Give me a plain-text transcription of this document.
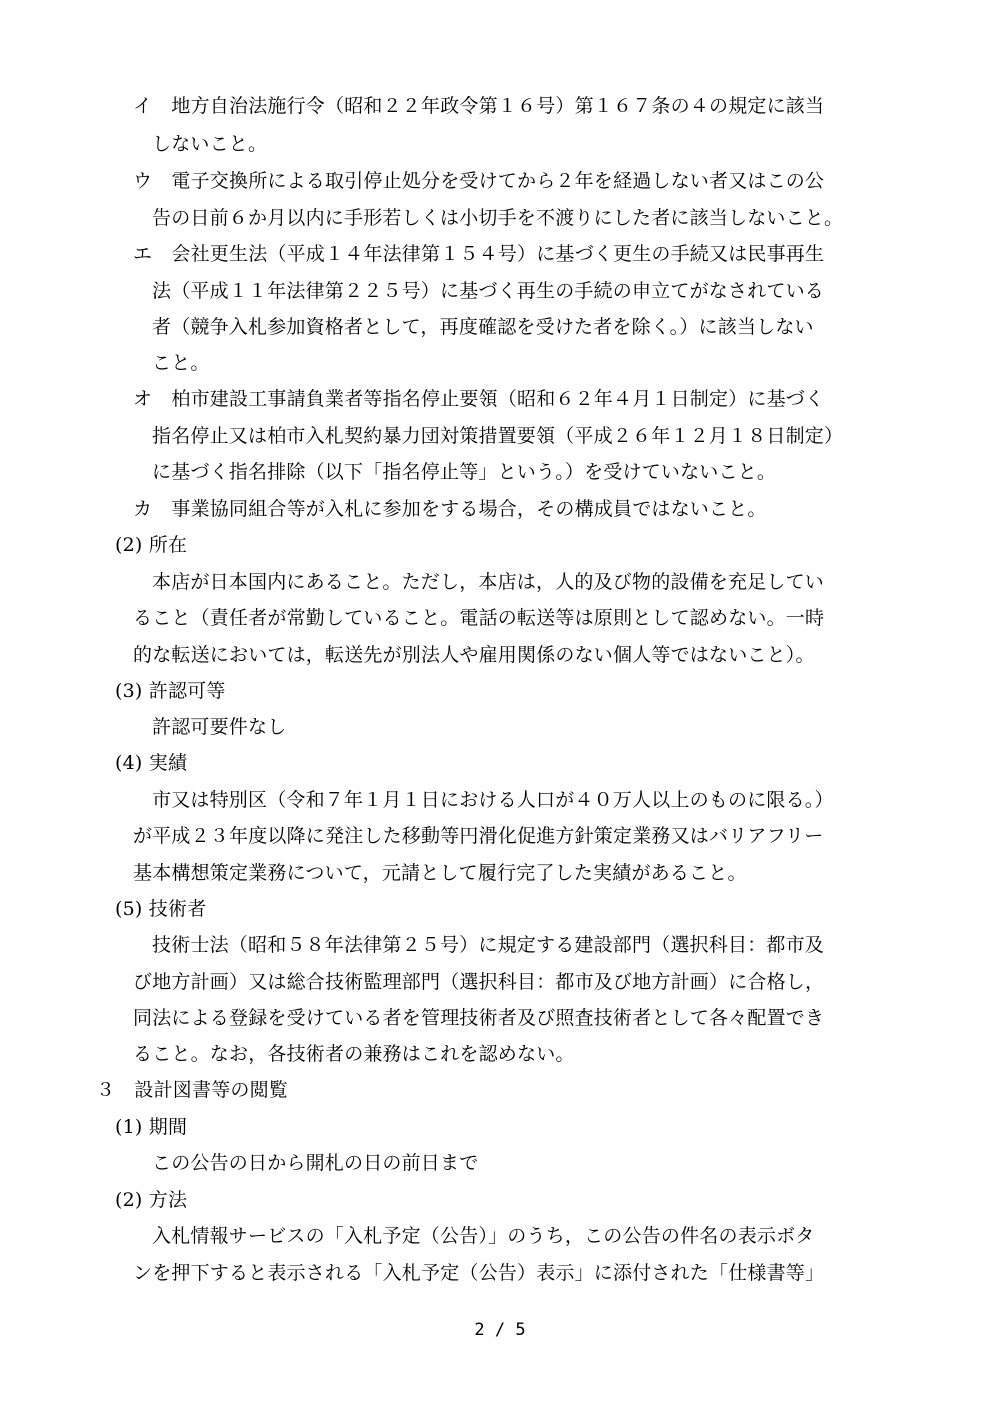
イ　地方自治法施行令（昭和２２年政令第１６号）第１６７条の４の規定に該当
しないこと。
ウ　電子交換所による取引停止処分を受けてから２年を経過しない者又はこの公
告の日前６か月以内に手形若しくは小切手を不渡りにした者に該当しないこと。
エ　会社更生法（平成１４年法律第１５４号）に基づく更生の手続又は民事再生
法（平成１１年法律第２２５号）に基づく再生の手続の申立てがなされている
者（競争入札参加資格者として，再度確認を受けた者を除く。）に該当しない
こと。
オ　柏市建設工事請負業者等指名停止要領（昭和６２年４月１日制定）に基づく
指名停止又は柏市入札契約暴力団対策措置要領（平成２６年１２月１８日制定）
に基づく指名排除（以下「指名停止等」という。）を受けていないこと。
カ　事業協同組合等が入札に参加をする場合，その構成員ではないこと。
(2) 所在
本店が日本国内にあること。ただし，本店は，人的及び物的設備を充足してい
ること（責任者が常勤していること。電話の転送等は原則として認めない。一時
的な転送においては，転送先が別法人や雇用関係のない個人等ではないこと）。
(3) 許認可等
許認可要件なし
(4) 実績
市又は特別区（令和７年１月１日における人口が４０万人以上のものに限る。）
が平成２３年度以降に発注した移動等円滑化促進方針策定業務又はバリアフリー
基本構想策定業務について，元請として履行完了した実績があること。
(5) 技術者
技術士法（昭和５８年法律第２５号）に規定する建設部門（選択科目：都市及
び地方計画）又は総合技術監理部門（選択科目：都市及び地方計画）に合格し，
同法による登録を受けている者を管理技術者及び照査技術者として各々配置でき
ること。なお，各技術者の兼務はこれを認めない。
３　設計図書等の閲覧
(1) 期間
この公告の日から開札の日の前日まで
(2) 方法
入札情報サービスの「入札予定（公告）」のうち，この公告の件名の表示ボタ
ンを押下すると表示される「入札予定（公告）表示」に添付された「仕様書等」
2 / 5
